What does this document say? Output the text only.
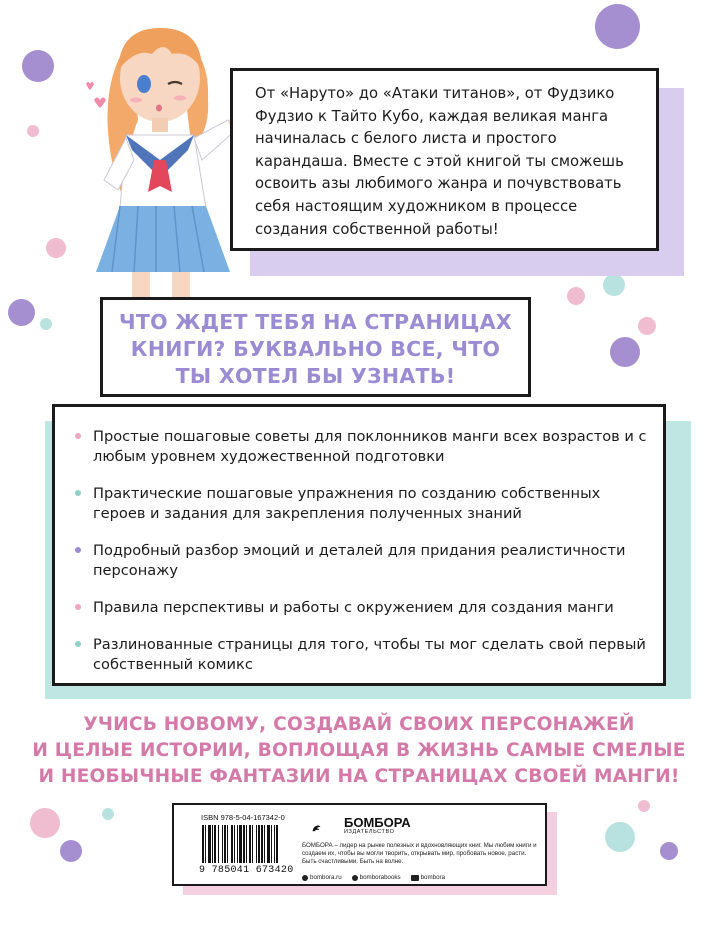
От «Наруто» до «Атаки титанов», от Фудзико Фудзио к Тайто Кубо, каждая великая манга начиналась с белого листа и простого карандаша. Вместе с этой книгой ты сможешь освоить азы любимого жанра и почувствовать себя настоящим художником в процессе создания собственной работы!

ЧТО ЖДЕТ ТЕБЯ НА СТРАНИЦАХ
КНИГИ? БУКВАЛЬНО ВСЕ, ЧТО
ТЫ ХОТЕЛ БЫ УЗНАТЬ!
Простые пошаговые советы для поклонников манги всех возрастов и с любым уровнем художественной подготовки
Практические пошаговые упражнения по созданию собственных героев и задания для закрепления полученных знаний
Подробный разбор эмоций и деталей для придания реалистичности персонажу
Правила перспективы и работы с окружением для создания манги
Разлинованные страницы для того, чтобы ты мог сделать свой первый собственный комикс
УЧИСЬ НОВОМУ, СОЗДАВАЙ СВОИХ ПЕРСОНАЖЕЙ
И ЦЕЛЫЕ ИСТОРИИ, ВОПЛОЩАЯ В ЖИЗНЬ САМЫЕ СМЕЛЫЕ
И НЕОБЫЧНЫЕ ФАНТАЗИИ НА СТРАНИЦАХ СВОЕЙ МАНГИ!
ISBN 978-5-04-167342-0
9 785041 673420
БОМБОРА
ИЗДАТЕЛЬСТВО
БОМБОРА – лидер на рынке полезных и вдохновляющих книг. Мы любим книги и создаем их, чтобы вы могли творить, открывать мир, пробовать новое, расти. Быть счастливыми. Быть на волне.
bombora.ru	bomborabooks	bombora
